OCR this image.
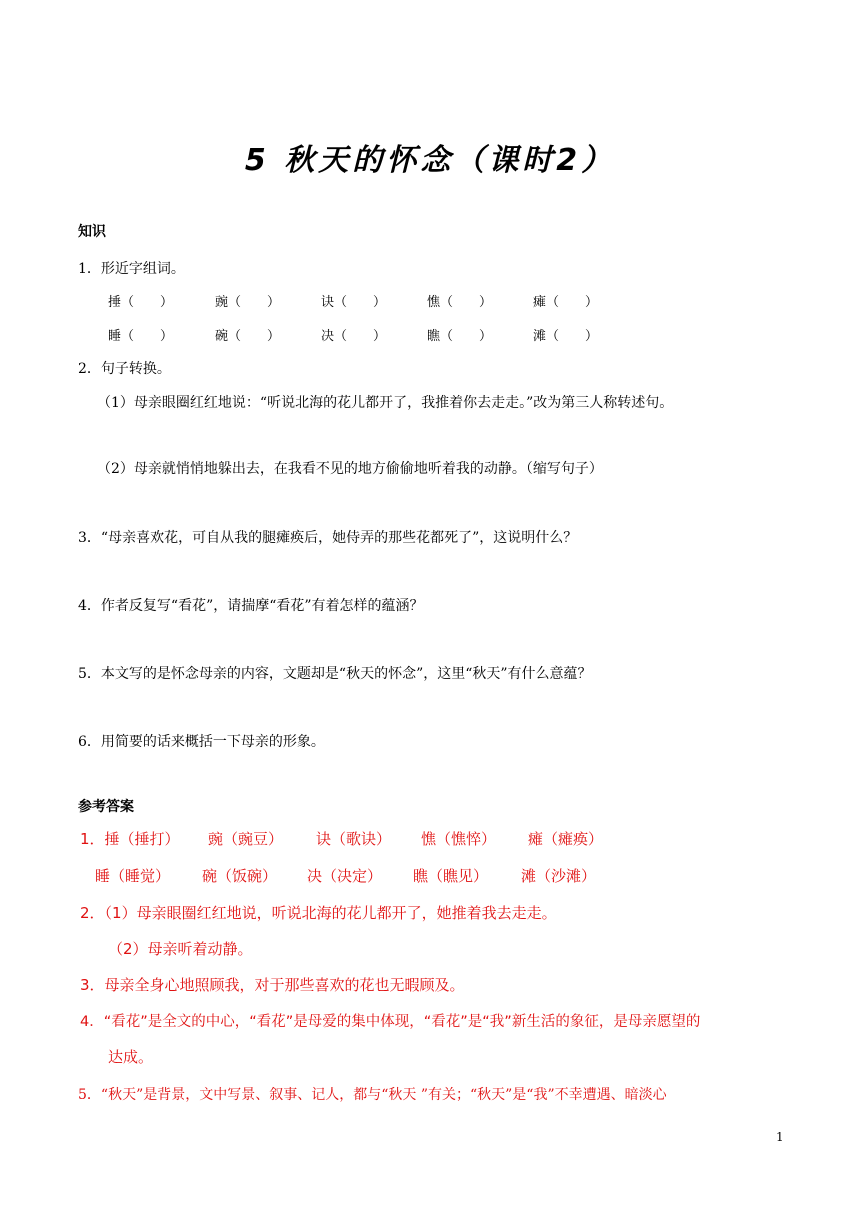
5 秋天的怀念（课时2）
知识
1．形近字组词。
捶（　　）	豌（　　）	诀（　　）	憔（　　）	瘫（　　）
睡（　　）	碗（　　）	决（　　）	瞧（　　）	滩（　　）
2．句子转换。
（1）母亲眼圈红红地说：“听说北海的花儿都开了，我推着你去走走。”改为第三人称转述句。
（2）母亲就悄悄地躲出去，在我看不见的地方偷偷地听着我的动静。（缩写句子）
3．“母亲喜欢花，可自从我的腿瘫痪后，她侍弄的那些花都死了”，这说明什么？
4．作者反复写“看花”，请揣摩“看花”有着怎样的蕴涵？
5．本文写的是怀念母亲的内容，文题却是“秋天的怀念”，这里“秋天”有什么意蕴？
6．用简要的话来概括一下母亲的形象。
参考答案
1．捶（捶打） 豌（豌豆） 诀（歌诀） 憔（憔悴） 瘫（瘫痪）
睡（睡觉） 碗（饭碗） 决（决定） 瞧（瞧见） 滩（沙滩）
2．（1）母亲眼圈红红地说，听说北海的花儿都开了，她推着我去走走。
（2）母亲听着动静。
3．母亲全身心地照顾我，对于那些喜欢的花也无暇顾及。
4．“看花”是全文的中心，“看花”是母爱的集中体现，“看花”是“我”新生活的象征，是母亲愿望的
达成。
5．“秋天”是背景，文中写景、叙事、记人，都与“秋天 ”有关；“秋天”是“我”不幸遭遇、暗淡心
1
